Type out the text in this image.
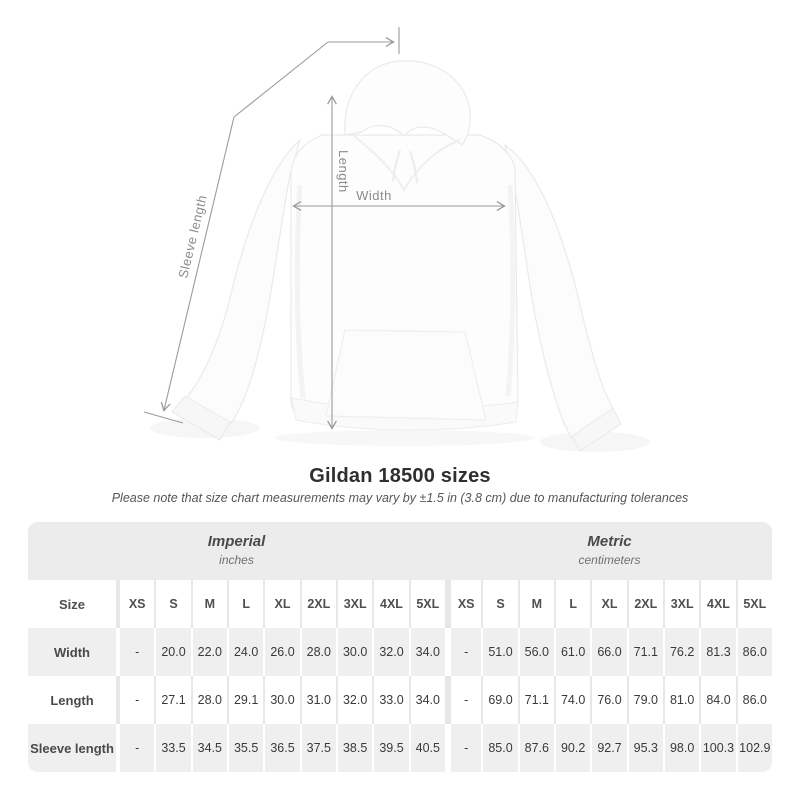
Sleeve length
Length
Width
Gildan 18500 sizes

Please note that size chart measurements may vary by ±1.5 in (3.8 cm) due to manufacturing tolerances

Imperial
inches
Metric
centimeters
Size	XS	S	M	L	XL	2XL	3XL	4XL	5XL	XS	S	M	L	XL	2XL	3XL	4XL	5XL
Width	-	20.0 22.0 24.0 26.0 28.0 30.0 32.0 34.0	-	51.0 56.0 61.0 66.0 71.1 76.2 81.3 86.0
Length	-	27.1 28.0 29.1 30.0 31.0 32.0 33.0 34.0	-	69.0 71.1 74.0 76.0 79.0 81.0 84.0 86.0
Sleeve length	-	33.5 34.5 35.5 36.5 37.5 38.5 39.5 40.5	-	85.0 87.6 90.2 92.7 95.3 98.0 100.3 102.9
